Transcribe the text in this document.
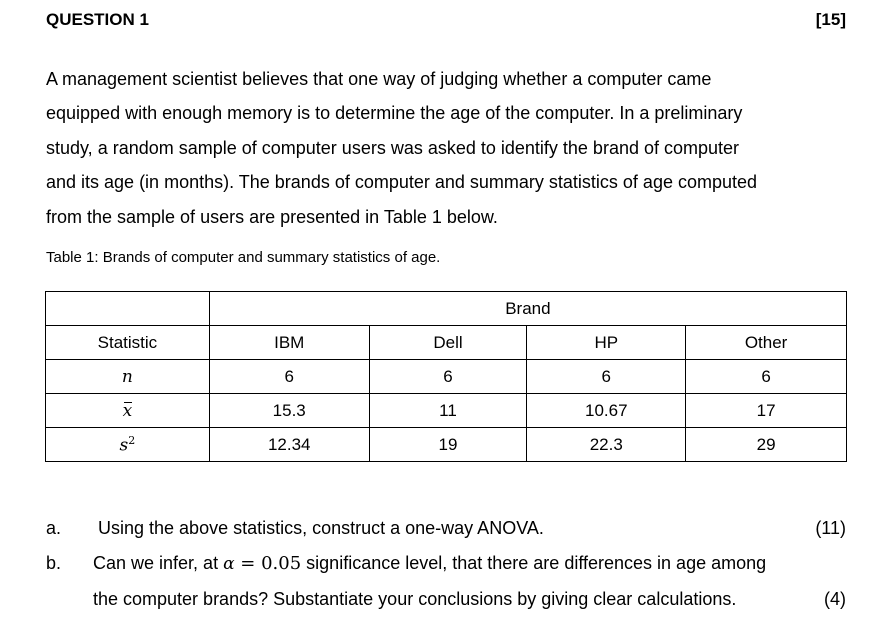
QUESTION 1	[15]

A management scientist believes that one way of judging whether a computer came
equipped with enough memory is to determine the age of the computer. In a preliminary
study, a random sample of computer users was asked to identify the brand of computer
and its age (in months). The brands of computer and summary statistics of age computed
from the sample of users are presented in Table 1 below.

Table 1: Brands of computer and summary statistics of age.
	Brand			
Statistic	IBM	Dell	HP	Other
n	6	6	6	6
x	15.3	11	10.67	17
$s^2$	12.34	19	22.3	29
a. Using the above statistics, construct a one-way ANOVA.	(11)
b. Can we infer, at α = 0.05 significance level, that there are differences in age among
the computer brands? Substantiate your conclusions by giving clear calculations.	(4)
